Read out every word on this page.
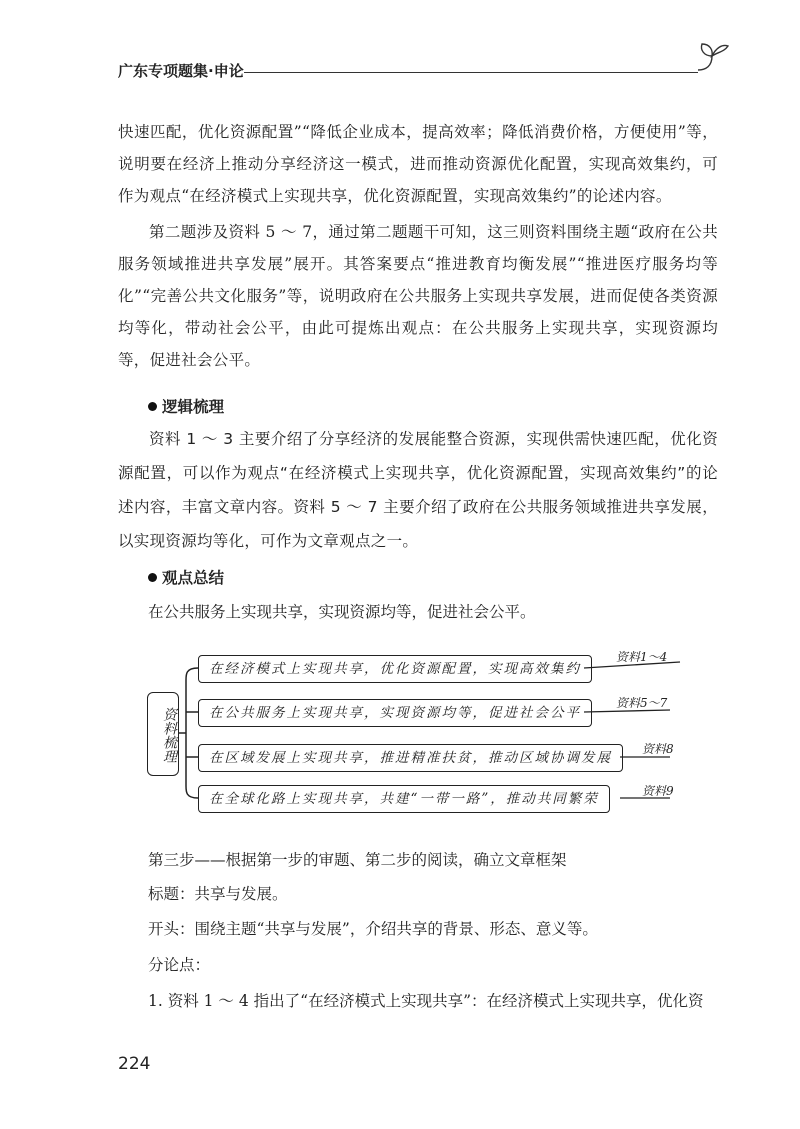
广东专项题集·申论

快速匹配，优化资源配置”“降低企业成本，提高效率；降低消费价格，方便使用”等，说明要在经济上推动分享经济这一模式，进而推动资源优化配置，实现高效集约，可作为观点“在经济模式上实现共享，优化资源配置，实现高效集约”的论述内容。

第二题涉及资料 5 ～ 7，通过第二题题干可知，这三则资料围绕主题“政府在公共服务领域推进共享发展”展开。其答案要点“推进教育均衡发展”“推进医疗服务均等化”“完善公共文化服务”等，说明政府在公共服务上实现共享发展，进而促使各类资源均等化，带动社会公平，由此可提炼出观点：在公共服务上实现共享，实现资源均等，促进社会公平。

逻辑梳理

资料 1 ～ 3 主要介绍了分享经济的发展能整合资源，实现供需快速匹配，优化资源配置，可以作为观点“在经济模式上实现共享，优化资源配置，实现高效集约”的论述内容，丰富文章内容。资料 5 ～ 7 主要介绍了政府在公共服务领域推进共享发展，以实现资源均等化，可作为文章观点之一。

观点总结
在公共服务上实现共享，实现资源均等，促进社会公平。
资料梳理
在经济模式上实现共享，优化资源配置，实现高效集约
在公共服务上实现共享，实现资源均等，促进社会公平
在区域发展上实现共享，推进精准扶贫，推动区域协调发展
在全球化路上实现共享，共建“一带一路”，推动共同繁荣
资料1～4
资料5～7
资料8
资料9
第三步——根据第一步的审题、第二步的阅读，确立文章框架
标题：共享与发展。
开头：围绕主题“共享与发展”，介绍共享的背景、形态、意义等。
分论点：
1. 资料 1 ～ 4 指出了“在经济模式上实现共享”：在经济模式上实现共享，优化资
224
